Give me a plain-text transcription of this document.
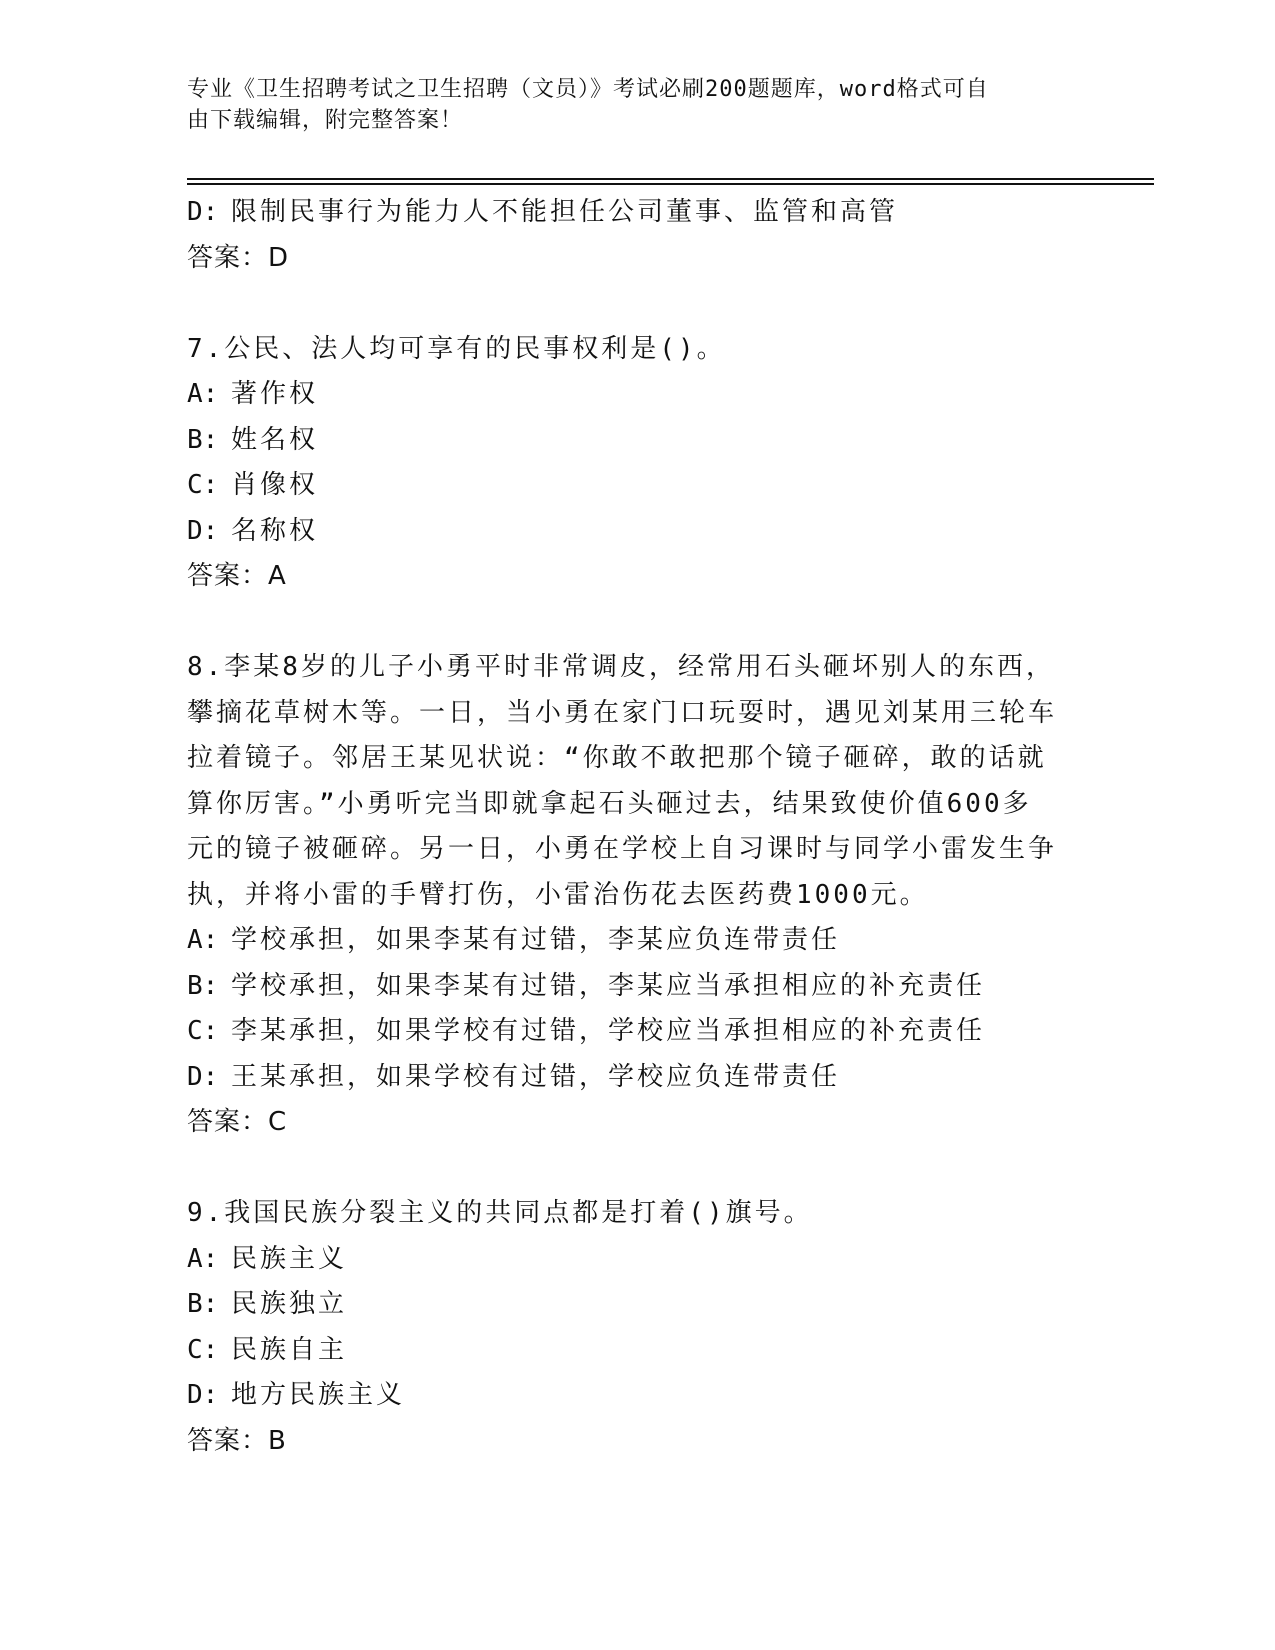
专业《卫生招聘考试之卫生招聘（文员）》考试必刷200题题库，word格式可自
由下载编辑，附完整答案！
D: 限制民事行为能力人不能担任公司董事、监管和高管
答案：D
7.公民、法人均可享有的民事权利是()。
A: 著作权
B: 姓名权
C: 肖像权
D: 名称权
答案：A
8.李某8岁的儿子小勇平时非常调皮，经常用石头砸坏别人的东西，
攀摘花草树木等。一日，当小勇在家门口玩耍时，遇见刘某用三轮车
拉着镜子。邻居王某见状说：“你敢不敢把那个镜子砸碎，敢的话就
算你厉害。”小勇听完当即就拿起石头砸过去，结果致使价值600多
元的镜子被砸碎。另一日，小勇在学校上自习课时与同学小雷发生争
执，并将小雷的手臂打伤，小雷治伤花去医药费1000元。
A: 学校承担，如果李某有过错，李某应负连带责任
B: 学校承担，如果李某有过错，李某应当承担相应的补充责任
C: 李某承担，如果学校有过错，学校应当承担相应的补充责任
D: 王某承担，如果学校有过错，学校应负连带责任
答案：C
9.我国民族分裂主义的共同点都是打着()旗号。
A: 民族主义
B: 民族独立
C: 民族自主
D: 地方民族主义
答案：B
